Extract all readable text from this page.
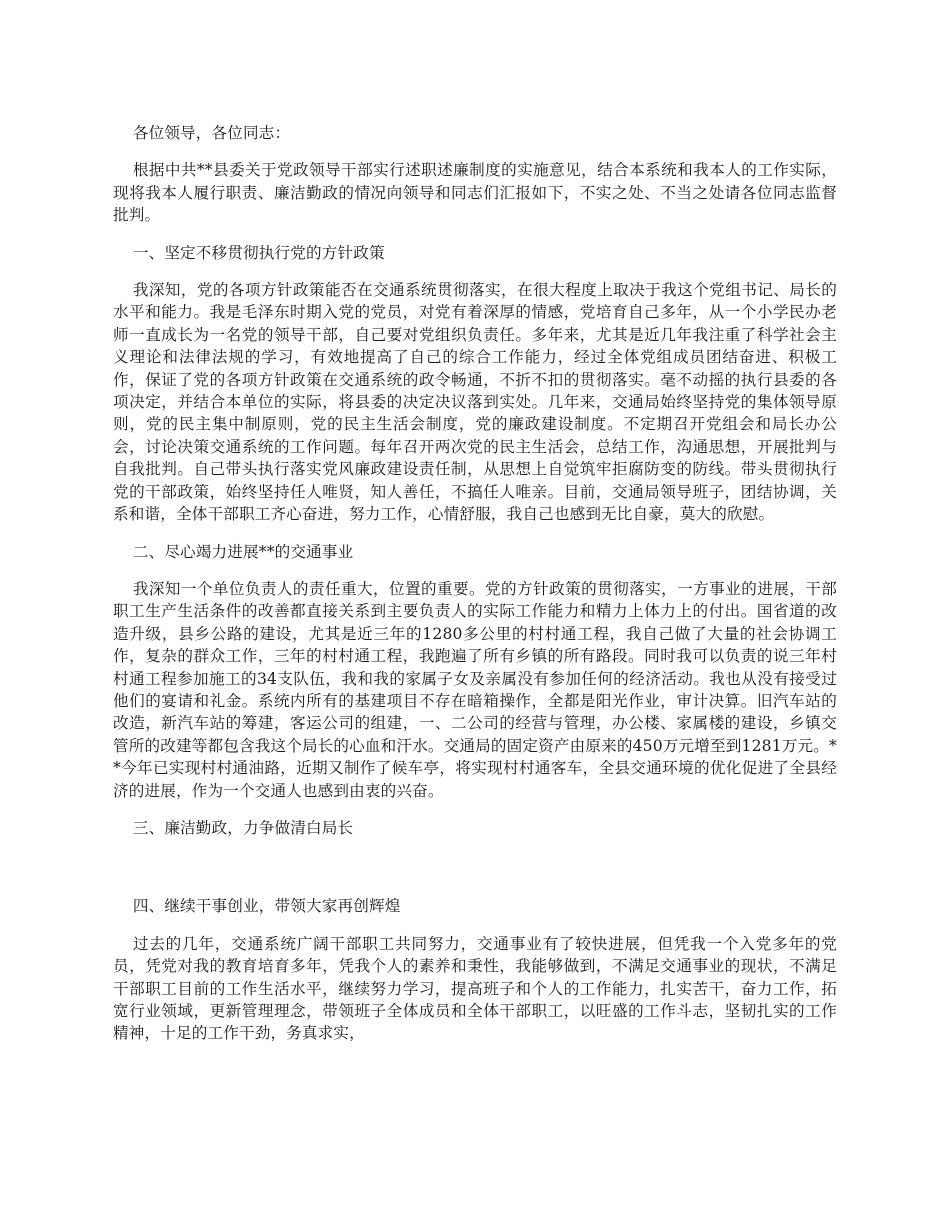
各位领导，各位同志：

根据中共**县委关于党政领导干部实行述职述廉制度的实施意见，结合本系统和我本人的工作实际，现将我本人履行职责、廉洁勤政的情况向领导和同志们汇报如下，不实之处、不当之处请各位同志监督批判。

一、坚定不移贯彻执行党的方针政策

我深知，党的各项方针政策能否在交通系统贯彻落实，在很大程度上取决于我这个党组书记、局长的水平和能力。我是毛泽东时期入党的党员，对党有着深厚的情感，党培育自己多年，从一个小学民办老师一直成长为一名党的领导干部，自己要对党组织负责任。多年来，尤其是近几年我注重了科学社会主义理论和法律法规的学习，有效地提高了自己的综合工作能力，经过全体党组成员团结奋进、积极工作，保证了党的各项方针政策在交通系统的政令畅通，不折不扣的贯彻落实。毫不动摇的执行县委的各项决定，并结合本单位的实际，将县委的决定决议落到实处。几年来，交通局始终坚持党的集体领导原则，党的民主集中制原则，党的民主生活会制度，党的廉政建设制度。不定期召开党组会和局长办公会，讨论决策交通系统的工作问题。每年召开两次党的民主生活会，总结工作，沟通思想，开展批判与自我批判。自己带头执行落实党风廉政建设责任制，从思想上自觉筑牢拒腐防变的防线。带头贯彻执行党的干部政策，始终坚持任人唯贤，知人善任，不搞任人唯亲。目前，交通局领导班子，团结协调，关系和谐，全体干部职工齐心奋进，努力工作，心情舒服，我自己也感到无比自豪，莫大的欣慰。

二、尽心竭力进展**的交通事业

我深知一个单位负责人的责任重大，位置的重要。党的方针政策的贯彻落实，一方事业的进展，干部职工生产生活条件的改善都直接关系到主要负责人的实际工作能力和精力上体力上的付出。国省道的改造升级，县乡公路的建设，尤其是近三年的1280多公里的村村通工程，我自己做了大量的社会协调工作，复杂的群众工作，三年的村村通工程，我跑遍了所有乡镇的所有路段。同时我可以负责的说三年村村通工程参加施工的34支队伍，我和我的家属子女及亲属没有参加任何的经济活动。我也从没有接受过他们的宴请和礼金。系统内所有的基建项目不存在暗箱操作，全都是阳光作业，审计决算。旧汽车站的改造，新汽车站的筹建，客运公司的组建，一、二公司的经营与管理，办公楼、家属楼的建设，乡镇交管所的改建等都包含我这个局长的心血和汗水。交通局的固定资产由原来的450万元增至到1281万元。**今年已实现村村通油路，近期又制作了候车亭，将实现村村通客车，全县交通环境的优化促进了全县经济的进展，作为一个交通人也感到由衷的兴奋。

三、廉洁勤政，力争做清白局长

四、继续干事创业，带领大家再创辉煌

过去的几年，交通系统广阔干部职工共同努力，交通事业有了较快进展，但凭我一个入党多年的党员，凭党对我的教育培育多年，凭我个人的素养和秉性，我能够做到，不满足交通事业的现状，不满足干部职工目前的工作生活水平，继续努力学习，提高班子和个人的工作能力，扎实苦干，奋力工作，拓宽行业领域，更新管理理念，带领班子全体成员和全体干部职工，以旺盛的工作斗志，坚韧扎实的工作精神，十足的工作干劲，务真求实，
